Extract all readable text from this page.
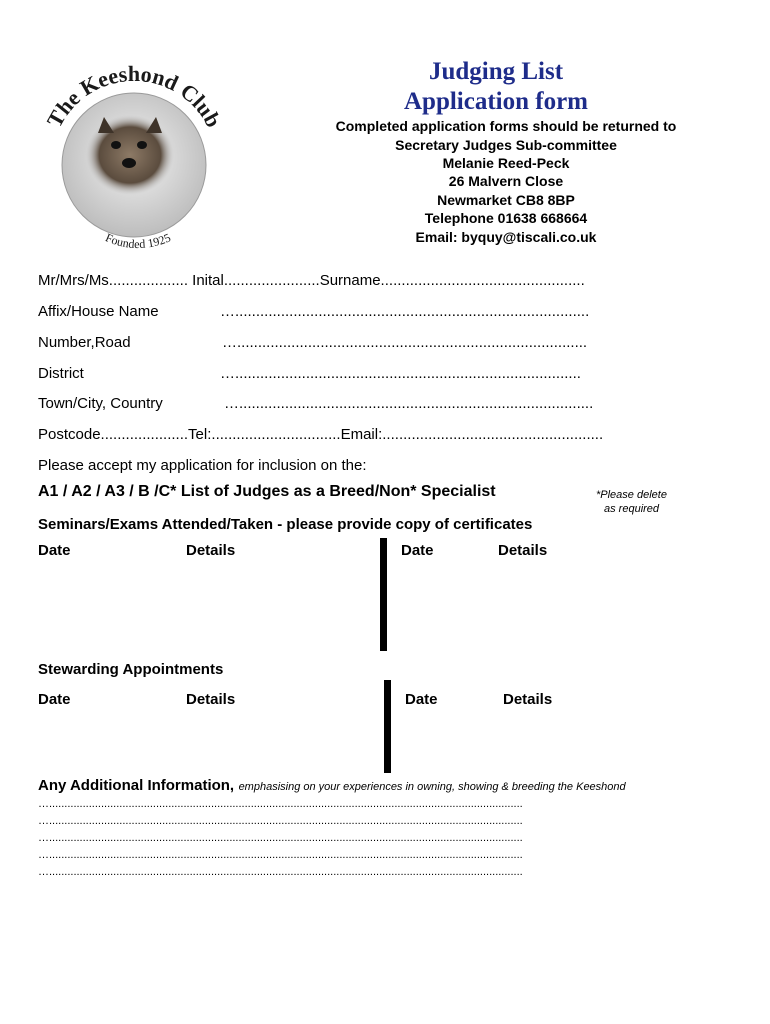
The Keeshond Club
Founded 1925
Judging List
Application form
Completed application forms should be returned to
Secretary Judges Sub-committee
Melanie Reed-Peck
26 Malvern Close
Newmarket CB8 8BP
Telephone 01638 668664
Email: byquy@tiscali.co.uk
Mr/Mrs/Ms................... Inital.......................Surname.................................................
Affix/House Name	….....................................................................................
Number,Road	…....................................................................................
District	…...................................................................................
Town/City, Country	….....................................................................................
Postcode.....................Tel:...............................Email:.....................................................
Please accept my application for inclusion on the:
A1 / A2 / A3 / B /C* List of Judges as a Breed/Non* Specialist	*Please delete
as required
Seminars/Exams Attended/Taken - please provide copy of certificates
Date	Details	Date	Details
Stewarding Appointments
Date	Details	Date	Details
Any Additional Information, emphasising on your experiences in owning, showing & breeding the Keeshond
…...........................................................................................................................................................
…...........................................................................................................................................................
…...........................................................................................................................................................
…...........................................................................................................................................................
…...........................................................................................................................................................
